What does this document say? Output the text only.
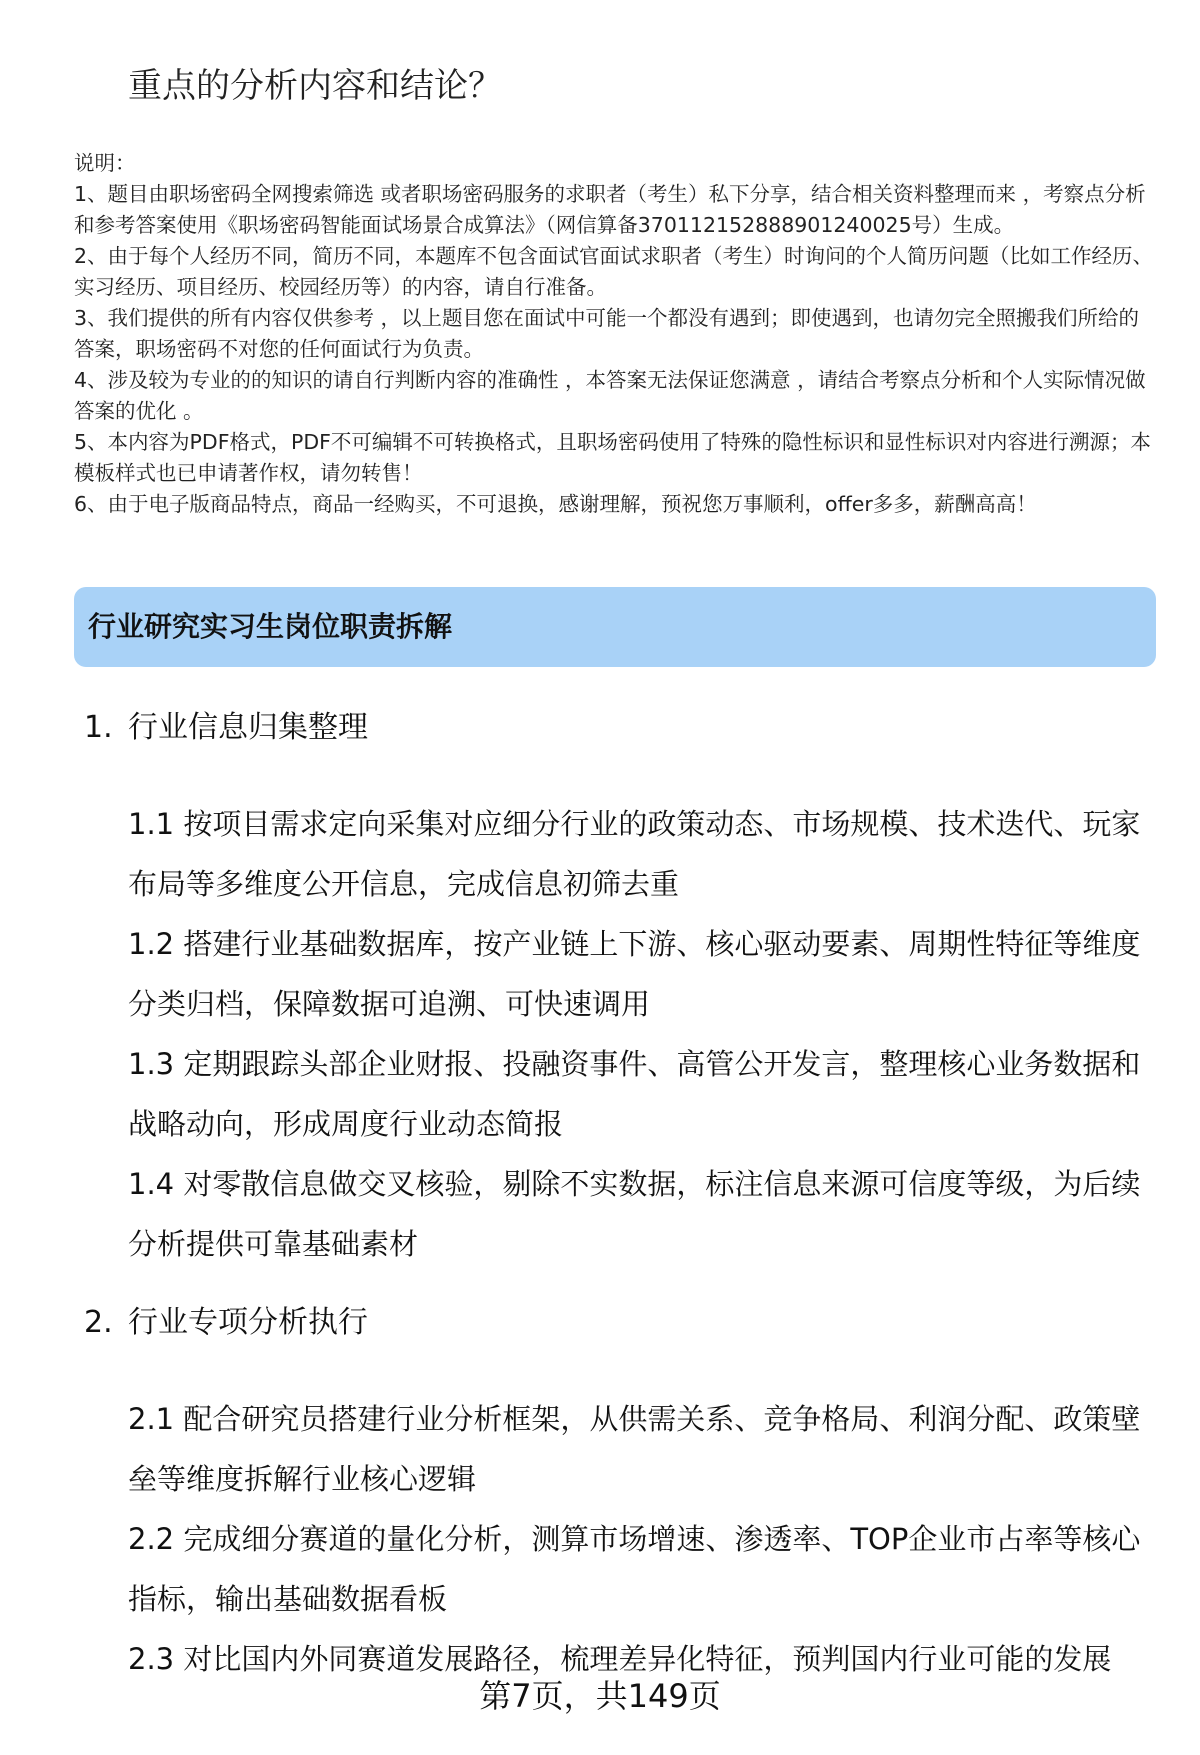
重点的分析内容和结论？
说明：
1、题目由职场密码全网搜索筛选 或者职场密码服务的求职者（考生）私下分享，结合相关资料整理而来 ，考察点分析和参考答案使用《职场密码智能面试场景合成算法》（网信算备370112152888901240025号）生成。
2、由于每个人经历不同，简历不同，本题库不包含面试官面试求职者（考生）时询问的个人简历问题（比如工作经历、实习经历、项目经历、校园经历等）的内容，请自行准备。
3、我们提供的所有内容仅供参考 ，以上题目您在面试中可能一个都没有遇到；即使遇到，也请勿完全照搬我们所给的答案，职场密码不对您的任何面试行为负责。
4、涉及较为专业的的知识的请自行判断内容的准确性 ，本答案无法保证您满意 ，请结合考察点分析和个人实际情况做答案的优化 。
5、本内容为PDF格式，PDF不可编辑不可转换格式，且职场密码使用了特殊的隐性标识和显性标识对内容进行溯源；本模板样式也已申请著作权，请勿转售！
6、由于电子版商品特点，商品一经购买，不可退换，感谢理解，预祝您万事顺利，offer多多，薪酬高高！
行业研究实习生岗位职责拆解
1. 行业信息归集整理
1.1 按项目需求定向采集对应细分行业的政策动态、市场规模、技术迭代、玩家布局等多维度公开信息，完成信息初筛去重
1.2 搭建行业基础数据库，按产业链上下游、核心驱动要素、周期性特征等维度分类归档，保障数据可追溯、可快速调用
1.3 定期跟踪头部企业财报、投融资事件、高管公开发言，整理核心业务数据和战略动向，形成周度行业动态简报
1.4 对零散信息做交叉核验，剔除不实数据，标注信息来源可信度等级，为后续分析提供可靠基础素材
2. 行业专项分析执行
2.1 配合研究员搭建行业分析框架，从供需关系、竞争格局、利润分配、政策壁垒等维度拆解行业核心逻辑
2.2 完成细分赛道的量化分析，测算市场增速、渗透率、TOP企业市占率等核心指标，输出基础数据看板
2.3 对比国内外同赛道发展路径，梳理差异化特征，预判国内行业可能的发展
第7页，共149页
